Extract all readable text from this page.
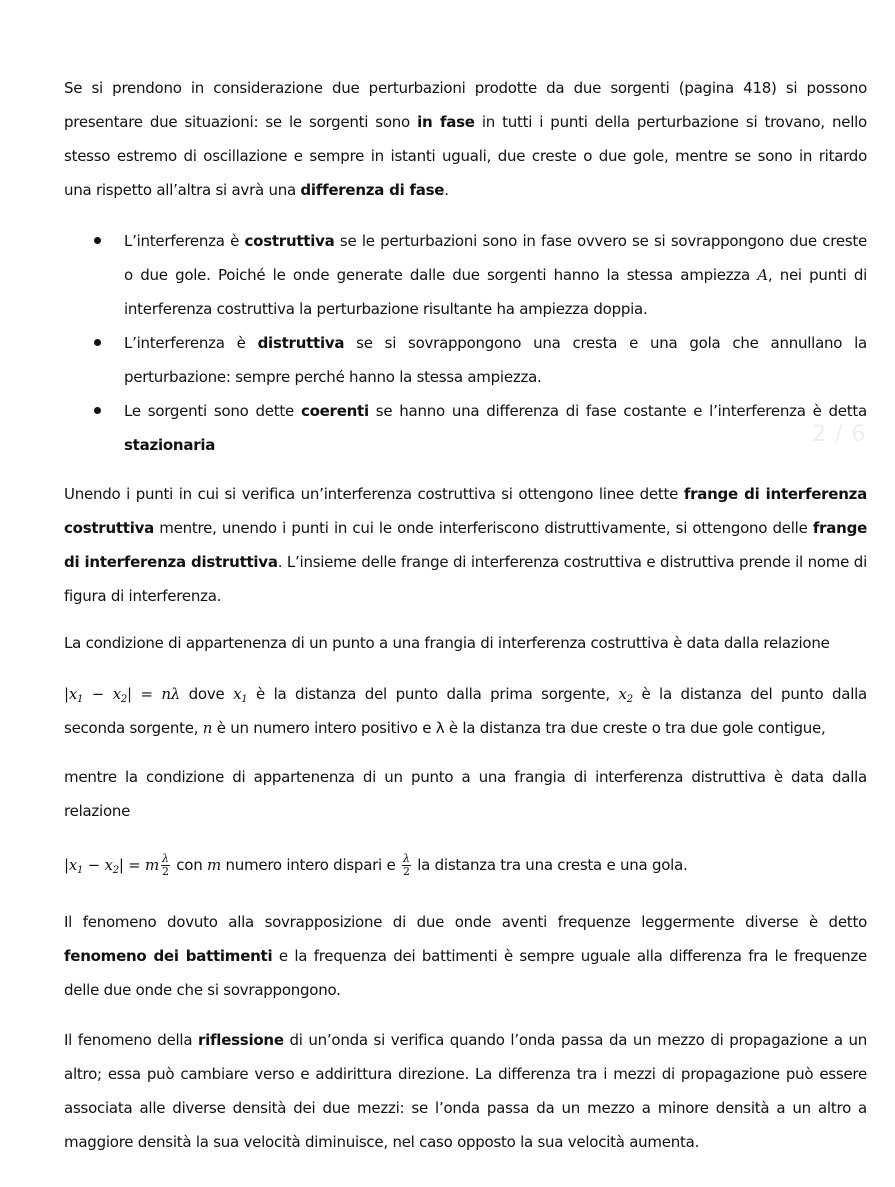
2 / 6
Se si prendono in considerazione due perturbazioni prodotte da due sorgenti (pagina 418) si possono
presentare due situazioni: se le sorgenti sono in fase in tutti i punti della perturbazione si trovano, nello
stesso estremo di oscillazione e sempre in istanti uguali, due creste o due gole, mentre se sono in ritardo
una rispetto all’altra si avrà una differenza di fase.
L’interferenza è costruttiva se le perturbazioni sono in fase ovvero se si sovrappongono due creste
o due gole. Poiché le onde generate dalle due sorgenti hanno la stessa ampiezza A, nei punti di
interferenza costruttiva la perturbazione risultante ha ampiezza doppia.
L’interferenza è distruttiva se si sovrappongono una cresta e una gola che annullano la
perturbazione: sempre perché hanno la stessa ampiezza.
Le sorgenti sono dette coerenti se hanno una differenza di fase costante e l’interferenza è detta
stazionaria
Unendo i punti in cui si verifica un’interferenza costruttiva si ottengono linee dette frange di interferenza
costruttiva mentre, unendo i punti in cui le onde interferiscono distruttivamente, si ottengono delle frange
di interferenza distruttiva. L’insieme delle frange di interferenza costruttiva e distruttiva prende il nome di
figura di interferenza.
La condizione di appartenenza di un punto a una frangia di interferenza costruttiva è data dalla relazione
$|x_1 - x_2| = n\lambda$ dove $x_1$ è la distanza del punto dalla prima sorgente, $x_2$ è la distanza del punto dalla
seconda sorgente, n è un numero intero positivo e λ è la distanza tra due creste o tra due gole contigue,
mentre la condizione di appartenenza di un punto a una frangia di interferenza distruttiva è data dalla
relazione
$|x_1 - x_2| = m \frac{\lambda}{2}$ con m numero intero dispari e $\frac{\lambda}{2}$ la distanza tra una cresta e una gola.
Il fenomeno dovuto alla sovrapposizione di due onde aventi frequenze leggermente diverse è detto
fenomeno dei battimenti e la frequenza dei battimenti è sempre uguale alla differenza fra le frequenze
delle due onde che si sovrappongono.
Il fenomeno della riflessione di un’onda si verifica quando l’onda passa da un mezzo di propagazione a un
altro; essa può cambiare verso e addirittura direzione. La differenza tra i mezzi di propagazione può essere
associata alle diverse densità dei due mezzi: se l’onda passa da un mezzo a minore densità a un altro a
maggiore densità la sua velocità diminuisce, nel caso opposto la sua velocità aumenta.
